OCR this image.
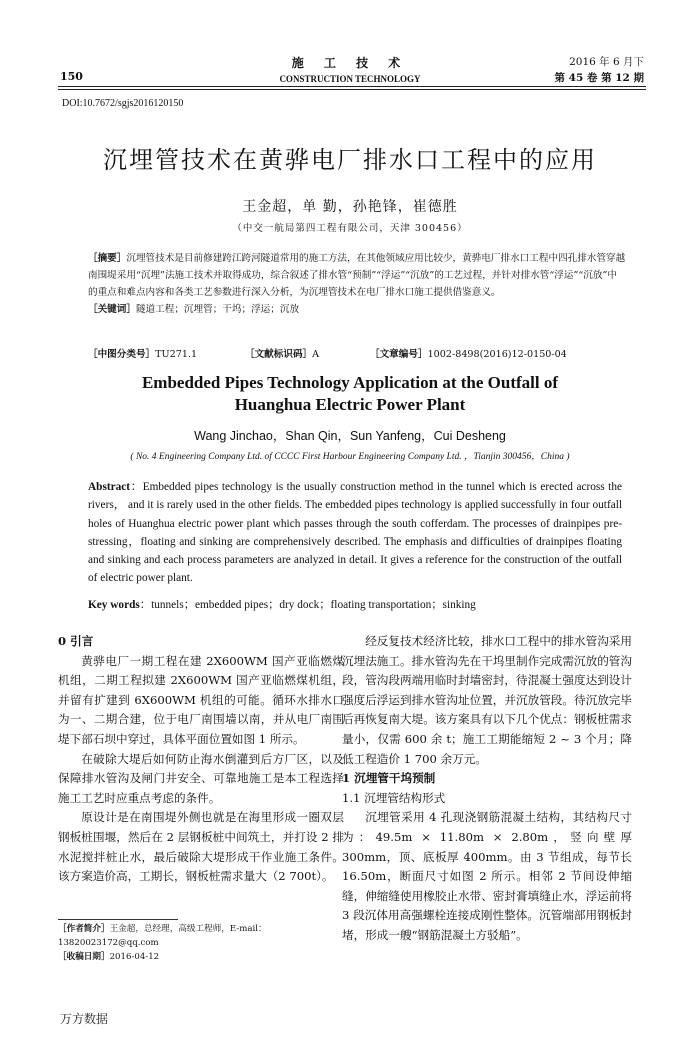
150
施 工 技 术
CONSTRUCTION TECHNOLOGY
2016 年 6 月下
第 45 卷 第 12 期
DOI:10.7672/sgjs2016120150
沉埋管技术在黄骅电厂排水口工程中的应用
王金超，单 勤，孙艳锋，崔德胜
（中交一航局第四工程有限公司，天津 300456）
［摘要］沉埋管技术是目前修建跨江跨河隧道常用的施工方法，在其他领域应用比较少，黄骅电厂排水口工程中四孔排水管穿越南围堤采用“沉埋”法施工技术并取得成功，综合叙述了排水管“预制”“浮运”“沉放”的工艺过程，并针对排水管“浮运”“沉放”中的重点和难点内容和各类工艺参数进行深入分析，为沉埋管技术在电厂排水口施工提供借鉴意义。
［关键词］隧道工程；沉埋管；干坞；浮运；沉放
［中图分类号］TU271.1	［文献标识码］A	［文章编号］1002-8498(2016)12-0150-04
Embedded Pipes Technology Application at the Outfall of
Huanghua Electric Power Plant
Wang Jinchao，Shan Qin，Sun Yanfeng，Cui Desheng
( No. 4 Engineering Company Ltd. of CCCC First Harbour Engineering Company Ltd. ，Tianjin 300456，China )
Abstract：Embedded pipes technology is the usually construction method in the tunnel which is erected across the rivers， and it is rarely used in the other fields. The embedded pipes technology is applied successfully in four outfall holes of Huanghua electric power plant which passes through the south cofferdam. The processes of drainpipes pre-stressing，floating and sinking are comprehensively described. The emphasis and difficulties of drainpipes floating and sinking and each process parameters are analyzed in detail. It gives a reference for the construction of the outfall of electric power plant.
Key words：tunnels；embedded pipes；dry dock；floating transportation；sinking
0 引言

黄骅电厂一期工程在建 2X600WM 国产亚临燃煤机组，二期工程拟建 2X600WM 国产亚临燃煤机组，并留有扩建到 6X600WM 机组的可能。循环水排水口为一、二期合建，位于电厂南围墙以南，并从电厂南围堤下部石坝中穿过，具体平面位置如图 1 所示。

在破除大堤后如何防止海水倒灌到后方厂区，以及保障排水管沟及闸门井安全、可靠地施工是本工程选择施工工艺时应重点考虑的条件。

原设计是在南围堤外侧也就是在海里形成一圈双层钢板桩围堰，然后在 2 层钢板桩中间筑土，并打设 2 排水泥搅拌桩止水，最后破除大堤形成干作业施工条件。该方案造价高，工期长，钢板桩需求量大（2 700t）。

经反复技术经济比较，排水口工程中的排水管沟采用沉埋法施工。排水管沟先在干坞里制作完成需沉放的管沟段，管沟段两端用临时封墙密封，待混凝土强度达到设计强度后浮运到排水管沟址位置，并沉放管段。待沉放完毕后再恢复南大堤。该方案具有以下几个优点：钢板桩需求量小，仅需 600 余 t；施工工期能缩短 2 ~ 3 个月；降低工程造价 1 700 余万元。

1 沉埋管干坞预制
1.1 沉埋管结构形式

沉埋管采用 4 孔现浇钢筋混凝土结构，其结构尺寸为：49.5m × 11.80m × 2.80m，竖向壁厚 300mm，顶、底板厚 400mm。由 3 节组成，每节长 16.50m，断面尺寸如图 2 所示。相邻 2 节间设伸缩缝，伸缩缝使用橡胶止水带、密封膏填缝止水，浮运前将 3 段沉体用高强螺栓连接成刚性整体。沉管端部用钢板封堵，形成一艘“钢筋混凝土方驳船”。

［作者简介］王金超，总经理，高级工程师，E-mail：13820023172@qq.com
［收稿日期］2016-04-12
万方数据
